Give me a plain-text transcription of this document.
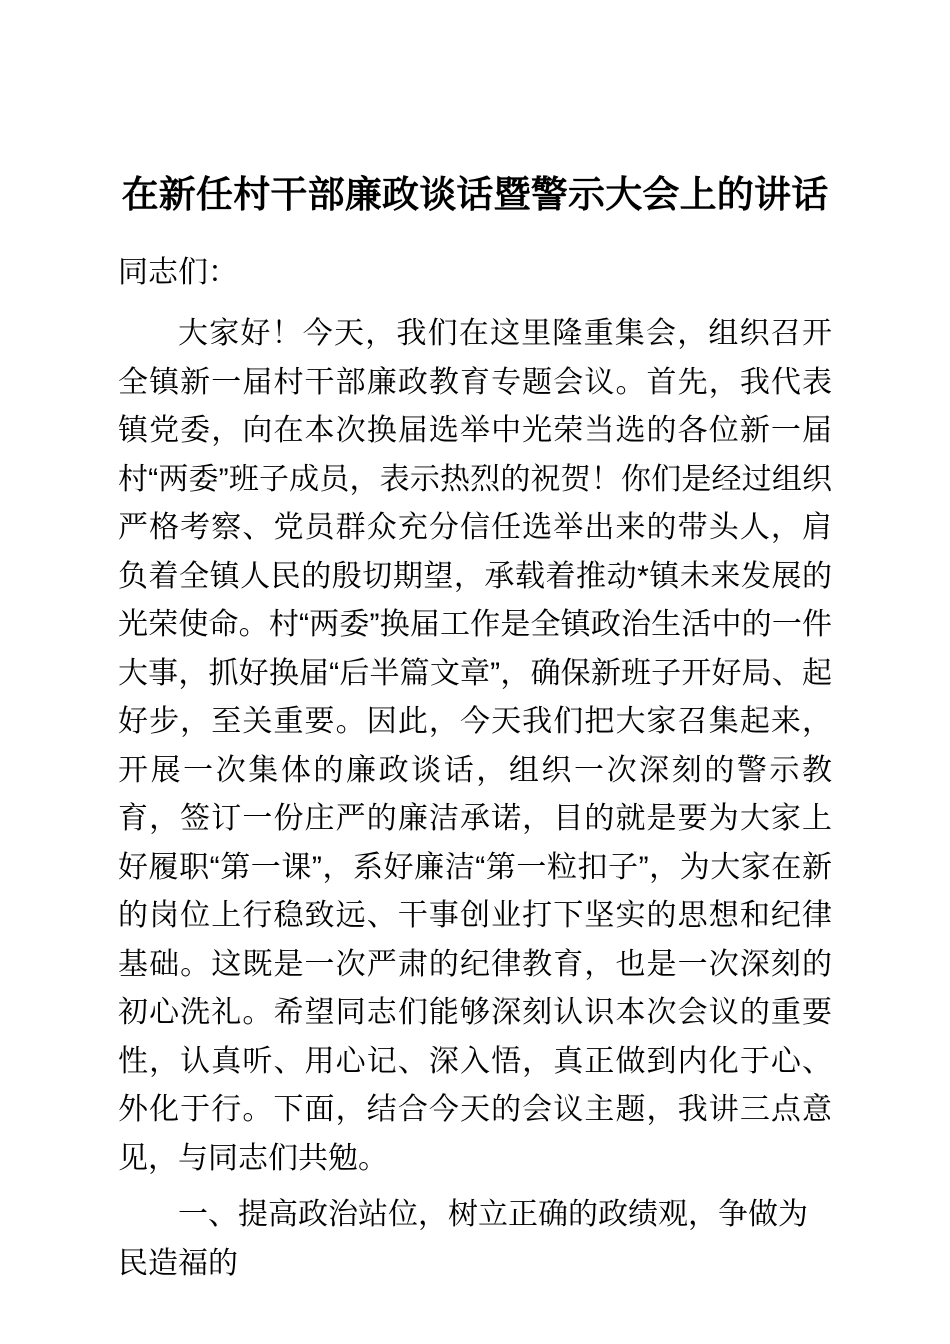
在新任村干部廉政谈话暨警示大会上的讲话

同志们：

大家好！今天，我们在这里隆重集会，组织召开全镇新一届村干部廉政教育专题会议。首先，我代表镇党委，向在本次换届选举中光荣当选的各位新一届村“两委”班子成员，表示热烈的祝贺！你们是经过组织严格考察、党员群众充分信任选举出来的带头人，肩负着全镇人民的殷切期望，承载着推动*镇未来发展的光荣使命。村“两委”换届工作是全镇政治生活中的一件大事，抓好换届“后半篇文章”，确保新班子开好局、起好步，至关重要。因此，今天我们把大家召集起来，开展一次集体的廉政谈话，组织一次深刻的警示教育，签订一份庄严的廉洁承诺，目的就是要为大家上好履职“第一课”，系好廉洁“第一粒扣子”，为大家在新的岗位上行稳致远、干事创业打下坚实的思想和纪律基础。这既是一次严肃的纪律教育，也是一次深刻的初心洗礼。希望同志们能够深刻认识本次会议的重要性，认真听、用心记、深入悟，真正做到内化于心、外化于行。下面，结合今天的会议主题，我讲三点意见，与同志们共勉。

一、提高政治站位，树立正确的政绩观，争做为民造福的
